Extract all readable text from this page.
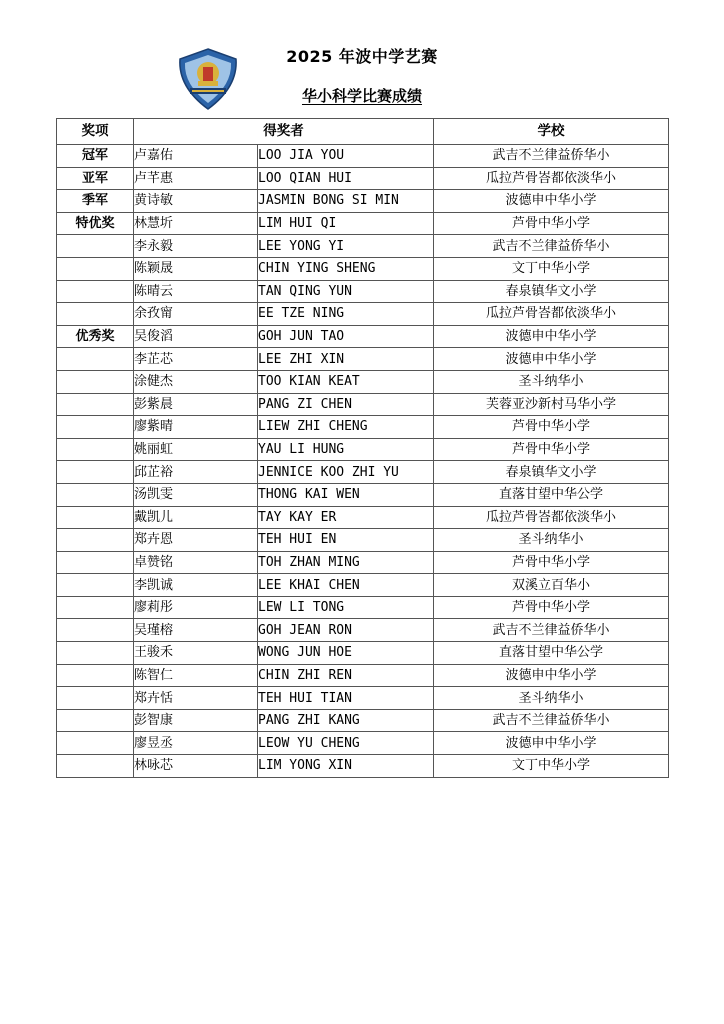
2025 年波中学艺赛
华小科学比赛成绩
奖项	得奖者		学校
冠军	卢嘉佑	LOO JIA YOU	武吉不兰律益侨华小
亚军	卢芊惠	LOO QIAN HUI	瓜拉芦骨峇都依淡华小
季军	黄诗敏	JASMIN BONG SI MIN	波德申中华小学
特优奖	林慧圻	LIM HUI QI	芦骨中华小学
	李永毅	LEE YONG YI	武吉不兰律益侨华小
	陈颖晟	CHIN YING SHENG	文丁中华小学
	陈晴云	TAN QING YUN	春泉镇华文小学
	余孜甯	EE TZE NING	瓜拉芦骨峇都依淡华小
优秀奖	吴俊滔	GOH JUN TAO	波德申中华小学
	李芷芯	LEE ZHI XIN	波德申中华小学
	涂健杰	TOO KIAN KEAT	圣斗纳华小
	彭紫晨	PANG ZI CHEN	芙蓉亚沙新村马华小学
	廖紫晴	LIEW ZHI CHENG	芦骨中华小学
	姚丽虹	YAU LI HUNG	芦骨中华小学
	邱芷裕	JENNICE KOO ZHI YU	春泉镇华文小学
	汤凯雯	THONG KAI WEN	直落甘望中华公学
	戴凯儿	TAY KAY ER	瓜拉芦骨峇都依淡华小
	郑卉恩	TEH HUI EN	圣斗纳华小
	卓赞铭	TOH ZHAN MING	芦骨中华小学
	李凯诚	LEE KHAI CHEN	双溪立百华小
	廖莉彤	LEW LI TONG	芦骨中华小学
	吴瑾榕	GOH JEAN RON	武吉不兰律益侨华小
	王骏禾	WONG JUN HOE	直落甘望中华公学
	陈智仁	CHIN ZHI REN	波德申中华小学
	郑卉恬	TEH HUI TIAN	圣斗纳华小
	彭智康	PANG ZHI KANG	武吉不兰律益侨华小
	廖昱丞	LEOW YU CHENG	波德申中华小学
	林咏芯	LIM YONG XIN	文丁中华小学
